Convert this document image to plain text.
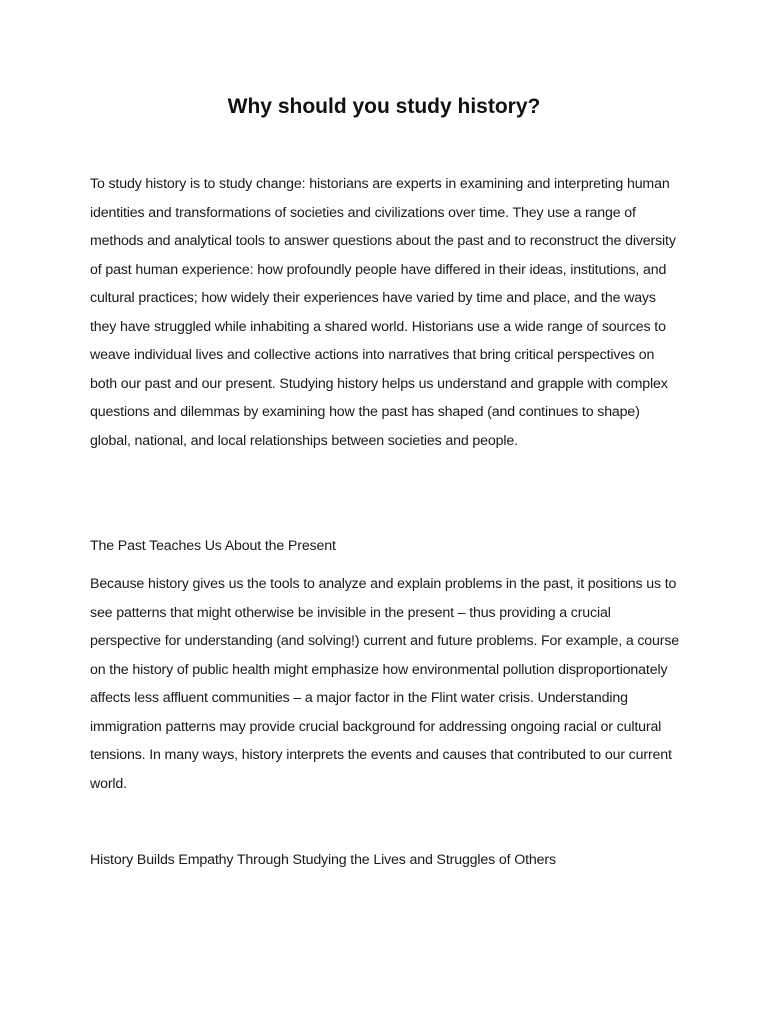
Why should you study history?

To study history is to study change: historians are experts in examining and interpreting human identities and transformations of societies and civilizations over time. They use a range of methods and analytical tools to answer questions about the past and to reconstruct the diversity of past human experience: how profoundly people have differed in their ideas, institutions, and cultural practices; how widely their experiences have varied by time and place, and the ways they have struggled while inhabiting a shared world. Historians use a wide range of sources to weave individual lives and collective actions into narratives that bring critical perspectives on both our past and our present. Studying history helps us understand and grapple with complex questions and dilemmas by examining how the past has shaped (and continues to shape) global, national, and local relationships between societies and people.

The Past Teaches Us About the Present

Because history gives us the tools to analyze and explain problems in the past, it positions us to see patterns that might otherwise be invisible in the present – thus providing a crucial perspective for understanding (and solving!) current and future problems. For example, a course on the history of public health might emphasize how environmental pollution disproportionately affects less affluent communities – a major factor in the Flint water crisis. Understanding immigration patterns may provide crucial background for addressing ongoing racial or cultural tensions. In many ways, history interprets the events and causes that contributed to our current world.

History Builds Empathy Through Studying the Lives and Struggles of Others
